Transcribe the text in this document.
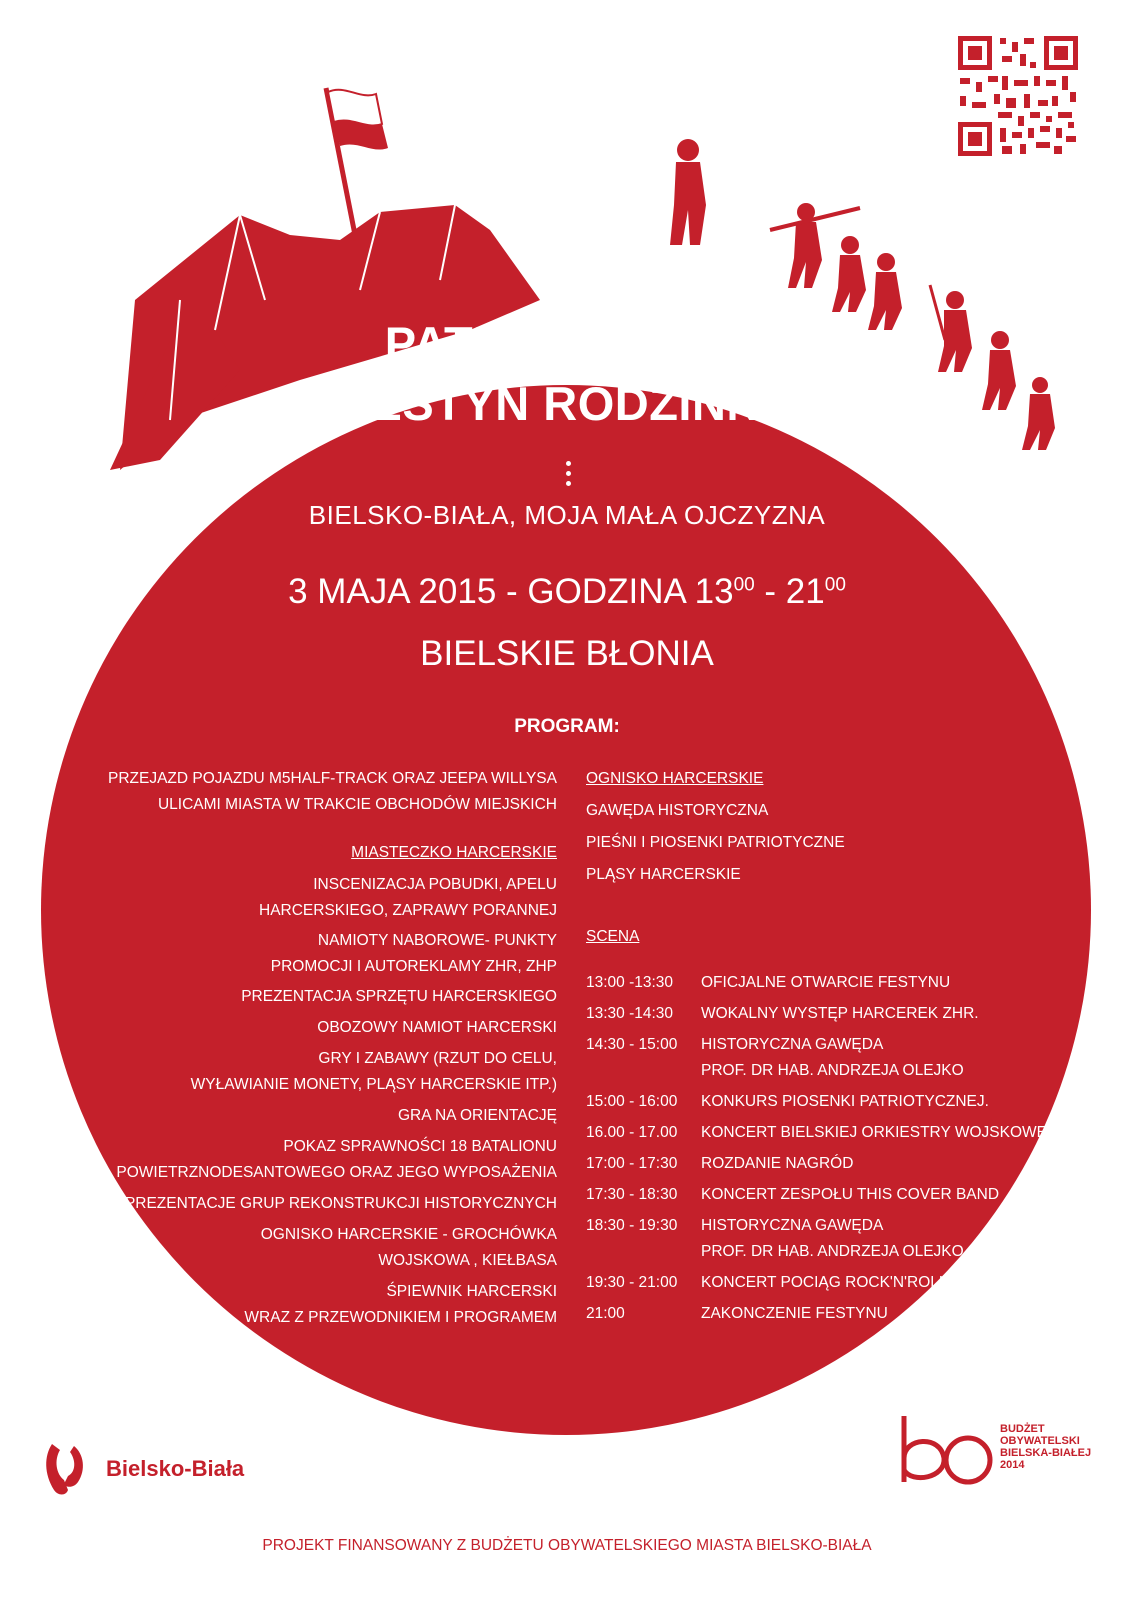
PATRIOTYCZNY
FESTYN RODZINNY
BIELSKO-BIAŁA, MOJA MAŁA OJCZYZNA
3 MAJA 2015 - GODZINA $13^{00} - 21^{00}$
BIELSKIE BŁONIA
PROGRAM:
PRZEJAZD POJAZDU M5HALF-TRACK ORAZ JEEPA WILLYSA
ULICAMI MIASTA W TRAKCIE OBCHODÓW MIEJSKICH
MIASTECZKO HARCERSKIE
INSCENIZACJA POBUDKI, APELU
HARCERSKIEGO, ZAPRAWY PORANNEJ
NAMIOTY NABOROWE- PUNKTY
PROMOCJI I AUTOREKLAMY ZHR, ZHP
PREZENTACJA SPRZĘTU HARCERSKIEGO
OBOZOWY NAMIOT HARCERSKI
GRY I ZABAWY (RZUT DO CELU,
WYŁAWIANIE MONETY, PLĄSY HARCERSKIE ITP.)
GRA NA ORIENTACJĘ
POKAZ SPRAWNOŚCI 18 BATALIONU
POWIETRZNODESANTOWEGO ORAZ JEGO WYPOSAŻENIA
PREZENTACJE GRUP REKONSTRUKCJI HISTORYCZNYCH
OGNISKO HARCERSKIE - GROCHÓWKA
WOJSKOWA , KIEŁBASA
ŚPIEWNIK HARCERSKI
WRAZ Z PRZEWODNIKIEM I PROGRAMEM
OGNISKO HARCERSKIE
GAWĘDA HISTORYCZNA
PIEŚNI I PIOSENKI PATRIOTYCZNE
PLĄSY HARCERSKIE
SCENA
13:00 -13:30	OFICJALNE OTWARCIE FESTYNU
13:30 -14:30	WOKALNY WYSTĘP HARCEREK ZHR.
14:30 - 15:00	HISTORYCZNA GAWĘDA
PROF. DR HAB. ANDRZEJA OLEJKO
15:00 - 16:00	KONKURS PIOSENKI PATRIOTYCZNEJ.
16.00 - 17.00	KONCERT BIELSKIEJ ORKIESTRY WOJSKOWEJ
17:00 - 17:30	ROZDANIE NAGRÓD
17:30 - 18:30	KONCERT ZESPOŁU THIS COVER BAND
18:30 - 19:30	HISTORYCZNA GAWĘDA
PROF. DR HAB. ANDRZEJA OLEJKO
19:30 - 21:00	KONCERT POCIĄG ROCK'N'ROLL
21:00	ZAKONCZENIE FESTYNU
Bielsko-Biała
BUDŻET
OBYWATELSKI
BIELSKA-BIAŁEJ
2014
PROJEKT FINANSOWANY Z BUDŻETU OBYWATELSKIEGO MIASTA BIELSKO-BIAŁA
